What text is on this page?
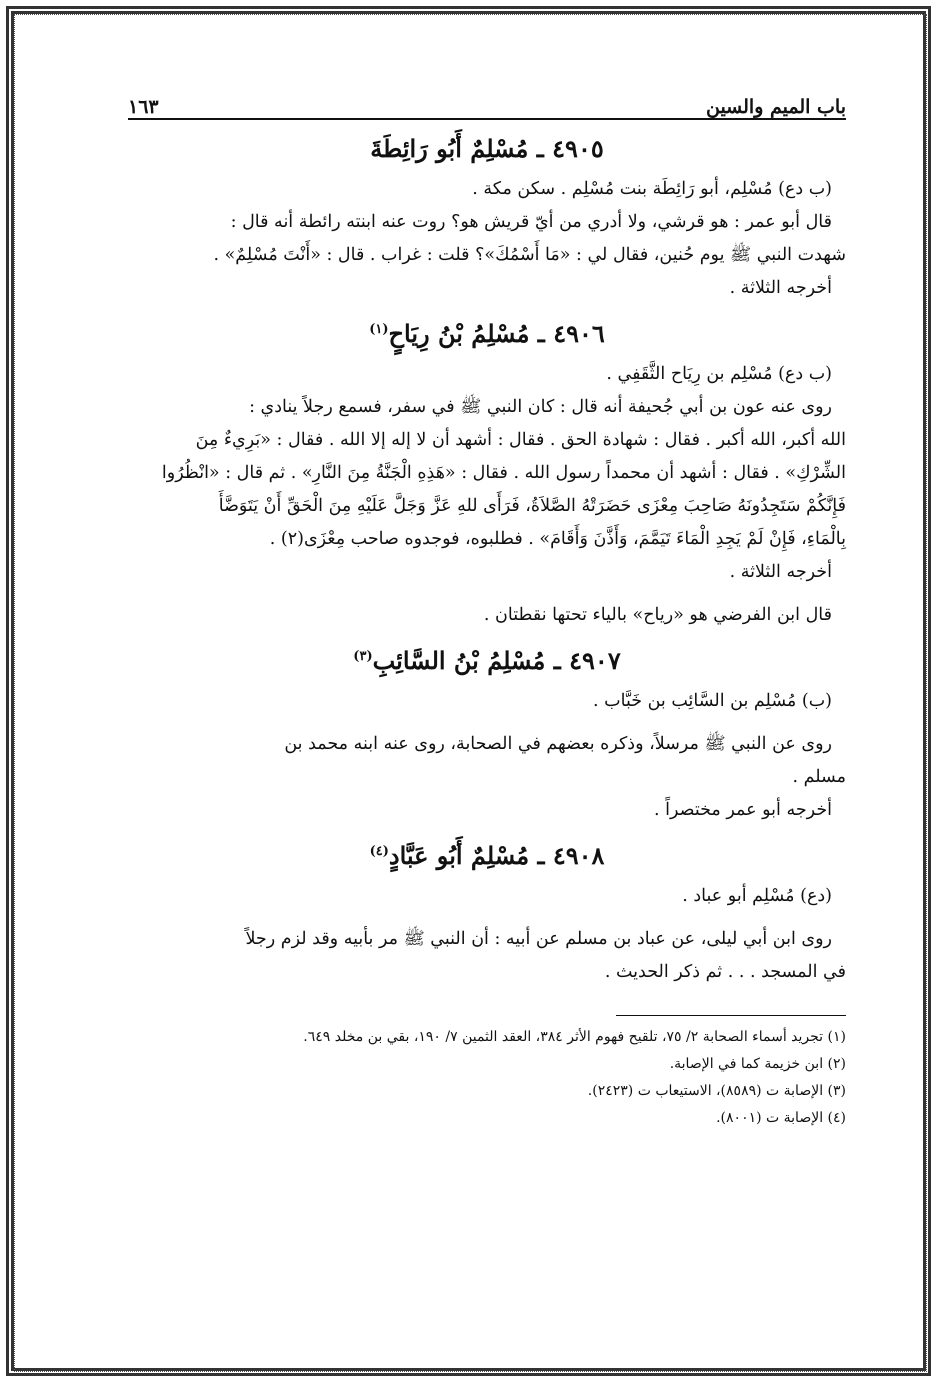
باب الميم والسين
١٦٣
٤٩٠٥ ـ مُسْلِمٌ أَبُو رَائِطَةَ

(ب دع) مُسْلِم، أبو رَائِطَة بنت مُسْلِم . سكن مكة .

قال أبو عمر : هو قرشي، ولا أدري من أيّ قريش هو؟ روت عنه ابنته رائطة أنه قال :

شهدت النبي ﷺ يوم حُنين، فقال لي : «مَا أَسْمُكَ»؟ قلت : غراب . قال : «أَنْتَ مُسْلِمٌ» .

أخرجه الثلاثة .

٤٩٠٦ ـ مُسْلِمُ بْنُ رِيَاحٍ$^{(١)}$

(ب دع) مُسْلِم بن رِيَاح الثَّقَفِي .

روى عنه عون بن أبي جُحيفة أنه قال : كان النبي ﷺ في سفر، فسمع رجلاً ينادي :

الله أكبر، الله أكبر . فقال : شهادة الحق . فقال : أشهد أن لا إله إلا الله . فقال : «بَرِيءٌ مِنَ

الشِّرْكِ» . فقال : أشهد أن محمداً رسول الله . فقال : «هَذِهِ الْجَنَّةُ مِنَ النَّارِ» . ثم قال : «انْظُرُوا

فَإِنَّكُمْ سَتَجِدُونَهُ صَاحِبَ مِعْزَى حَضَرَتْهُ الصَّلاَةُ، فَرَأَى للهِ عَزَّ وَجَلَّ عَلَيْهِ مِنَ الْحَقِّ أَنْ يَتَوَضَّأَ

بِالْمَاءِ، فَإِنْ لَمْ يَجِدِ الْمَاءَ تَيَمَّمَ، وَأَذَّنَ وَأَقَامَ» . فطلبوه، فوجدوه صاحب مِعْزَى(٢) .

أخرجه الثلاثة .

قال ابن الفرضي هو «رياح» بالياء تحتها نقطتان .

٤٩٠٧ ـ مُسْلِمُ بْنُ السَّائِبِ$^{(٣)}$

(ب) مُسْلِم بن السَّائِب بن خَبَّاب .

روى عن النبي ﷺ مرسلاً، وذكره بعضهم في الصحابة، روى عنه ابنه محمد بن

مسلم .

أخرجه أبو عمر مختصراً .

٤٩٠٨ ـ مُسْلِمٌ أَبُو عَبَّادٍ$^{(٤)}$

(دع) مُسْلِم أبو عباد .

روى ابن أبي ليلى، عن عباد بن مسلم عن أبيه : أن النبي ﷺ مر بأبيه وقد لزم رجلاً

في المسجد . . . ثم ذكر الحديث .

(١) تجريد أسماء الصحابة ٢/ ٧٥، تلقيح فهوم الأثر ٣٨٤، العقد الثمين ٧/ ١٩٠، بقي بن مخلد ٦٤٩.

(٢) ابن خزيمة كما في الإصابة.

(٣) الإصابة ت (٨٥٨٩)، الاستيعاب ت (٢٤٢٣).

(٤) الإصابة ت (٨٠٠١).
